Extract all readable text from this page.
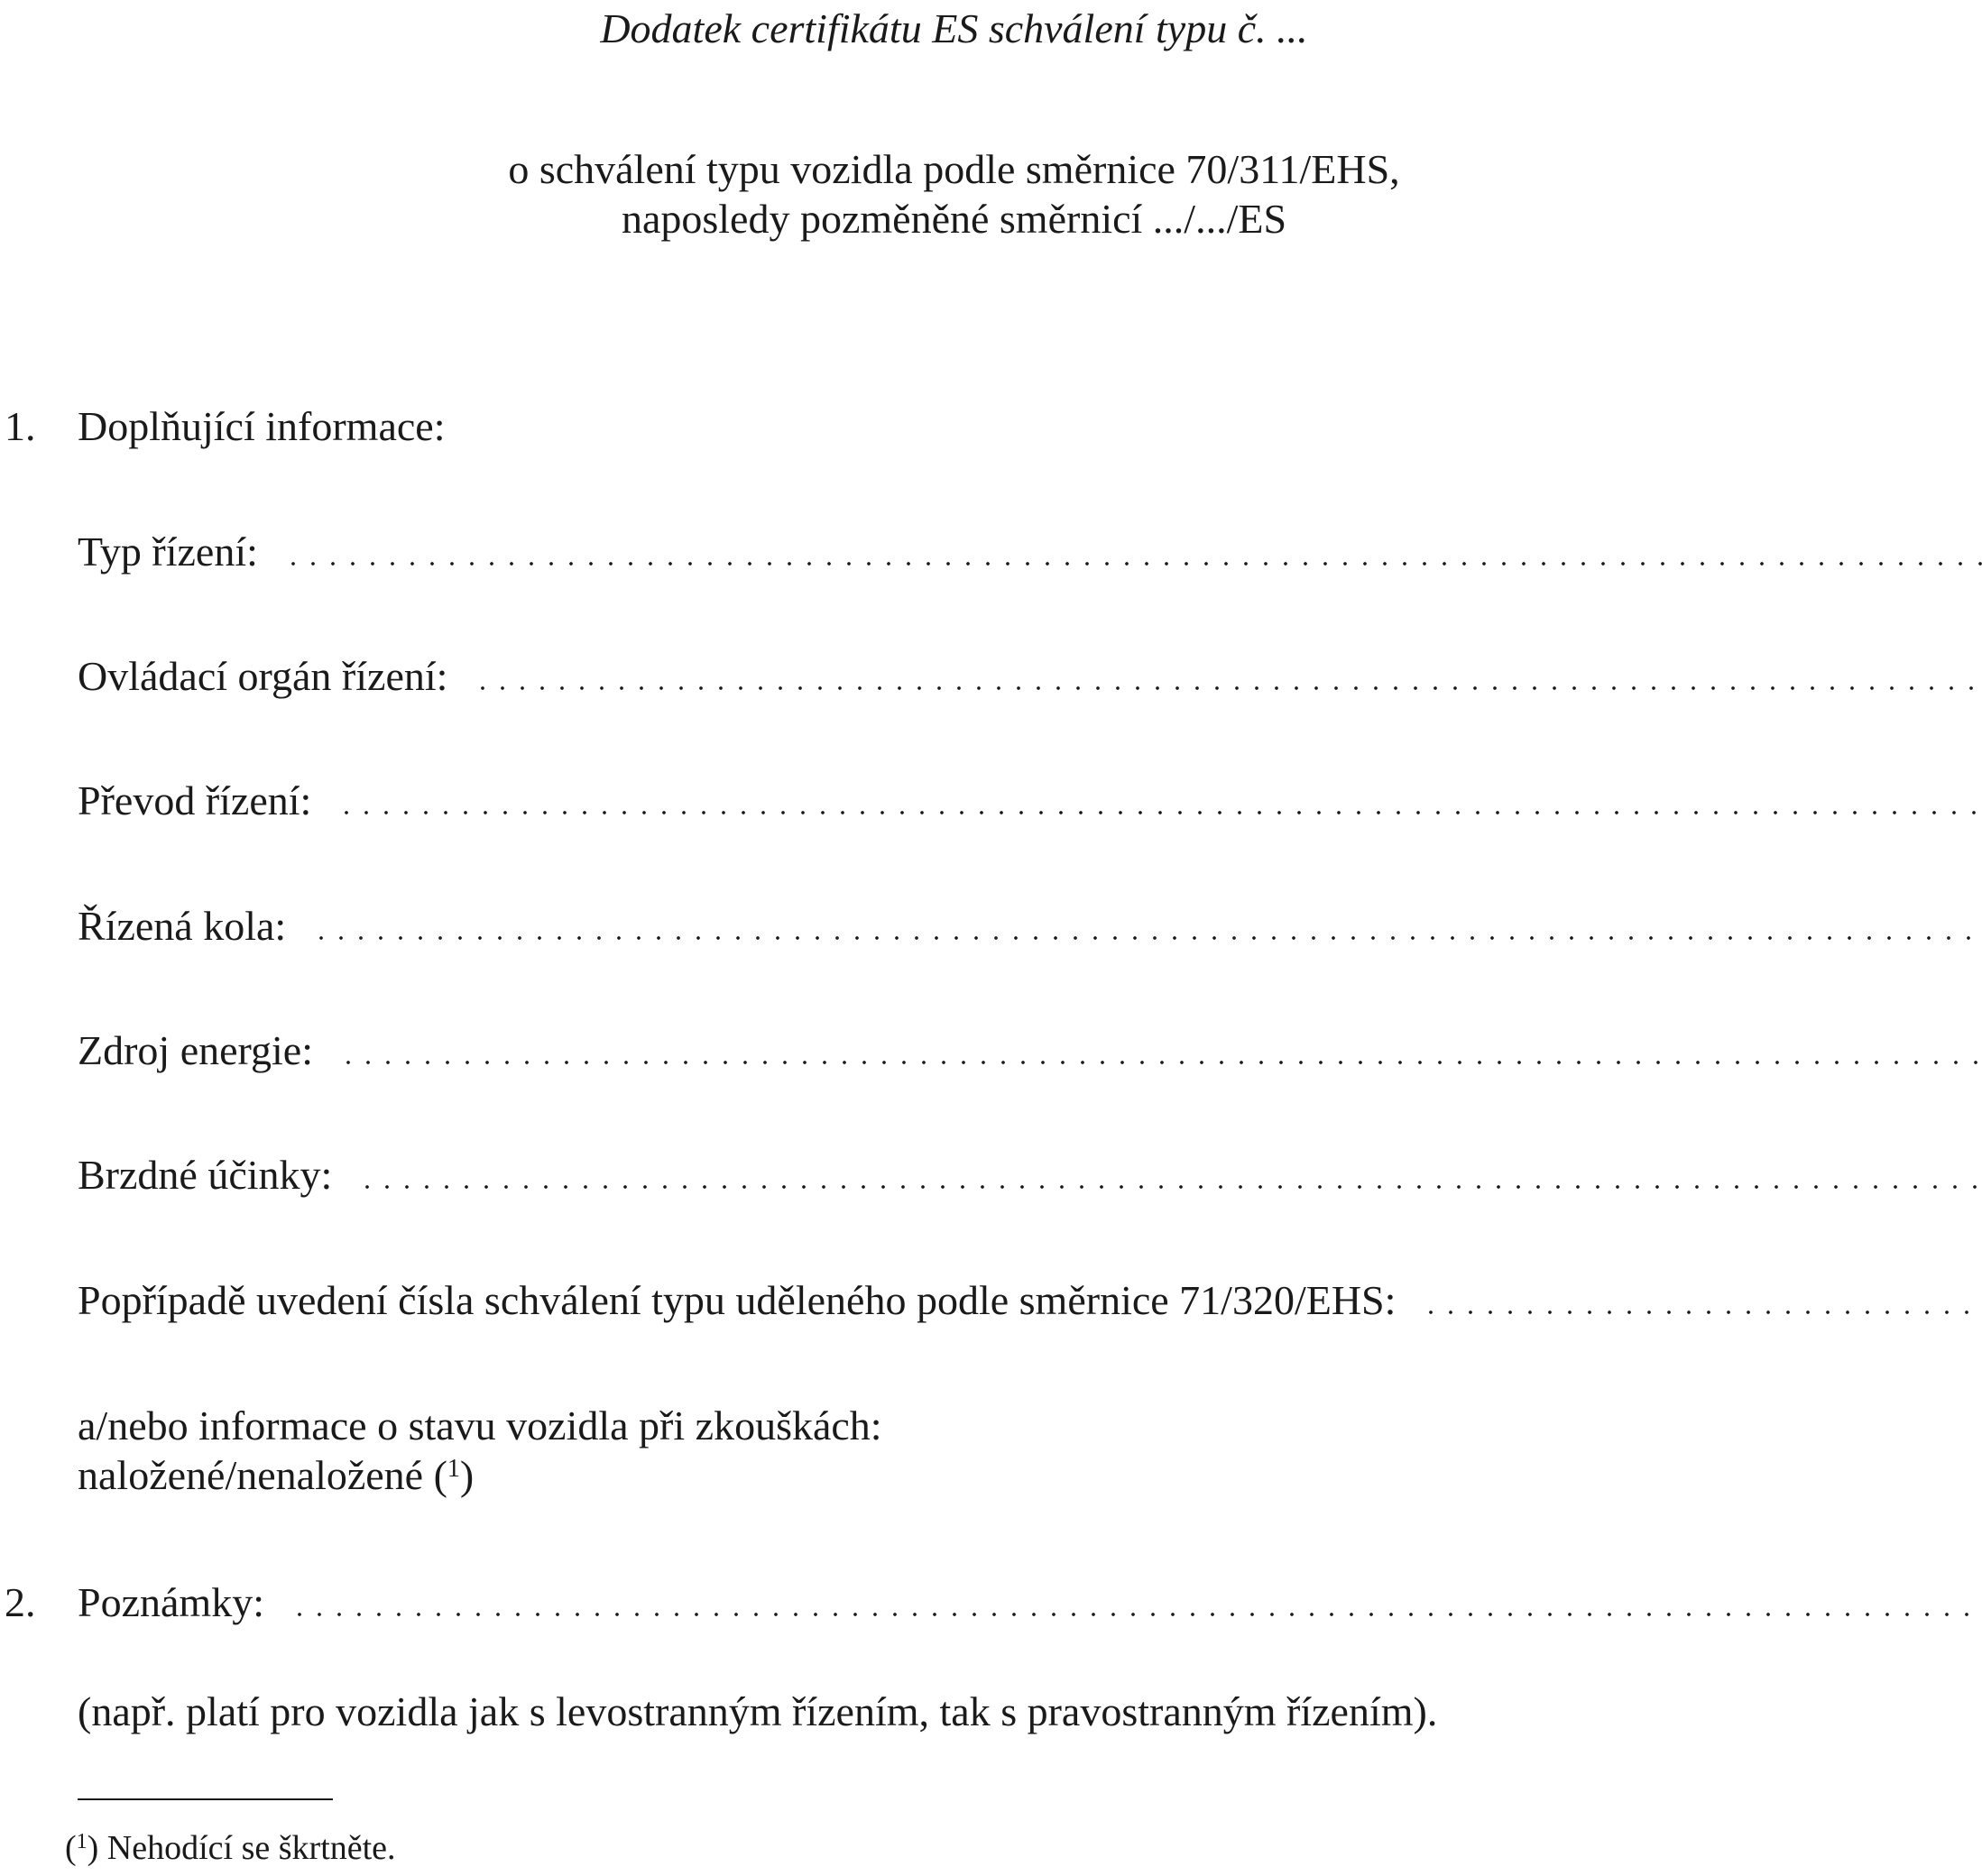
Dodatek certifikátu ES schválení typu č. ...
o schválení typu vozidla podle směrnice 70/311/EHS,
naposledy pozměněné směrnicí .../.../ES
1. Doplňující informace:
Typ řízení:
Ovládací orgán řízení:
Převod řízení:
Řízená kola:
Zdroj energie:
Brzdné účinky:
Popřípadě uvedení čísla schválení typu uděleného podle směrnice 71/320/EHS:
a/nebo informace o stavu vozidla při zkouškách:
naložené/nenaložené ($^1$)
2. Poznámky:
(např. platí pro vozidla jak s levostranným řízením, tak s pravostranným řízením).
($^1$) Nehodící se škrtněte.
